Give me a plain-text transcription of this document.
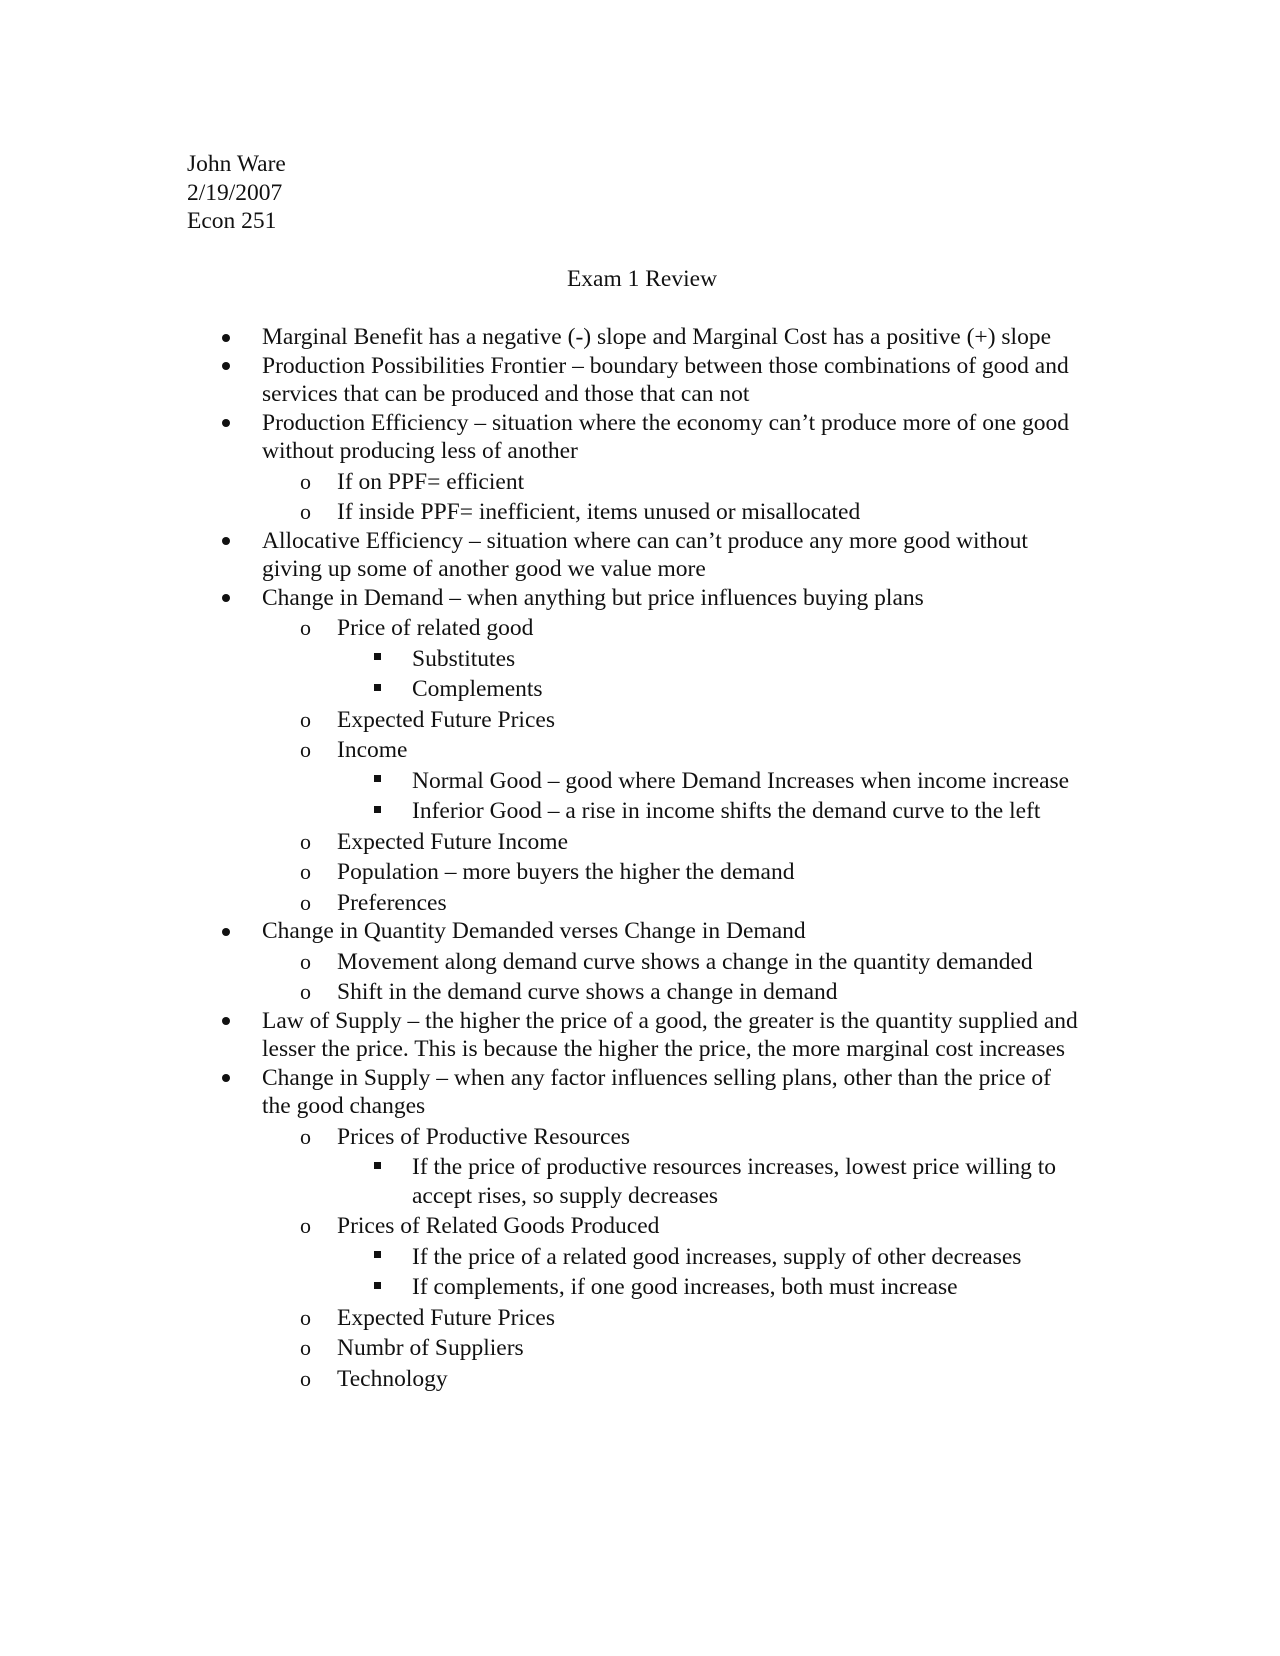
John Ware
2/19/2007
Econ 251
Exam 1 Review
Marginal Benefit has a negative (-) slope and Marginal Cost has a positive (+) slope
Production Possibilities Frontier – boundary between those combinations of good and services that can be produced and those that can not
Production Efficiency – situation where the economy can’t produce more of one good without producing less of another
o If on PPF= efficient
o If inside PPF= inefficient, items unused or misallocated
Allocative Efficiency – situation where can can’t produce any more good without giving up some of another good we value more
Change in Demand – when anything but price influences buying plans
o Price of related good
Substitutes
Complements
o Expected Future Prices
o Income
Normal Good – good where Demand Increases when income increase
Inferior Good – a rise in income shifts the demand curve to the left
o Expected Future Income
o Population – more buyers the higher the demand
o Preferences
Change in Quantity Demanded verses Change in Demand
o Movement along demand curve shows a change in the quantity demanded
o Shift in the demand curve shows a change in demand
Law of Supply – the higher the price of a good, the greater is the quantity supplied and lesser the price. This is because the higher the price, the more marginal cost increases
Change in Supply – when any factor influences selling plans, other than the price of the good changes
o Prices of Productive Resources
If the price of productive resources increases, lowest price willing to accept rises, so supply decreases
o Prices of Related Goods Produced
If the price of a related good increases, supply of other decreases
If complements, if one good increases, both must increase
o Expected Future Prices
o Numbr of Suppliers
o Technology
